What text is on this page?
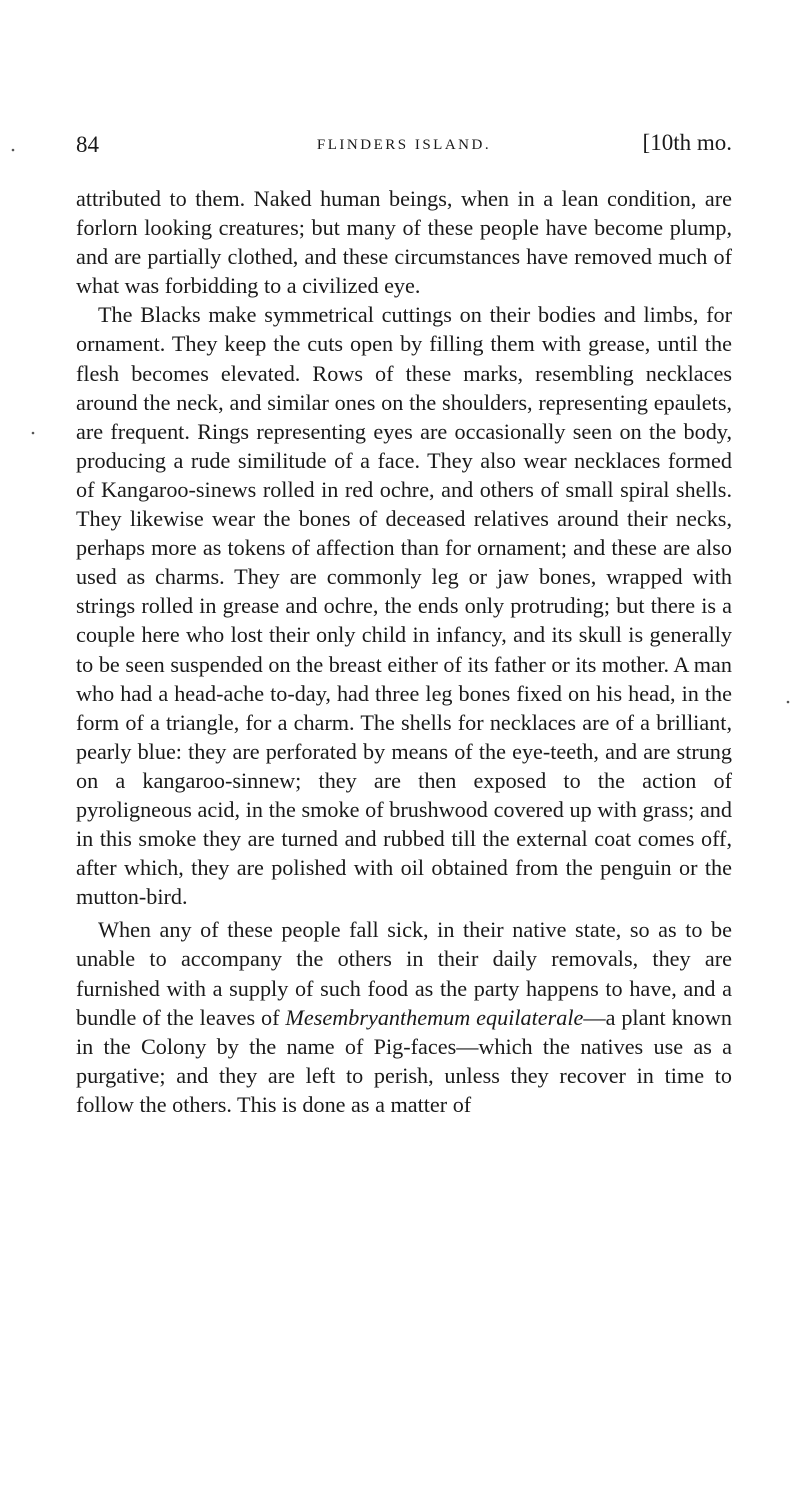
84	FLINDERS ISLAND.	[10th mo.

attributed to them. Naked human beings, when in a lean condition, are forlorn looking creatures; but many of these people have become plump, and are partially clothed, and these circumstances have removed much of what was forbidding to a civilized eye.

The Blacks make symmetrical cuttings on their bodies and limbs, for ornament. They keep the cuts open by filling them with grease, until the flesh becomes elevated. Rows of these marks, resembling necklaces around the neck, and similar ones on the shoulders, representing epaulets, are frequent. Rings representing eyes are occasionally seen on the body, producing a rude similitude of a face. They also wear necklaces formed of Kangaroo-sinews rolled in red ochre, and others of small spiral shells. They likewise wear the bones of deceased relatives around their necks, perhaps more as tokens of affection than for ornament; and these are also used as charms. They are commonly leg or jaw bones, wrapped with strings rolled in grease and ochre, the ends only protruding; but there is a couple here who lost their only child in infancy, and its skull is generally to be seen suspended on the breast either of its father or its mother. A man who had a head-ache to-day, had three leg bones fixed on his head, in the form of a triangle, for a charm. The shells for necklaces are of a brilliant, pearly blue: they are perforated by means of the eye-teeth, and are strung on a kangaroo-sinnew; they are then exposed to the action of pyroligneous acid, in the smoke of brushwood covered up with grass; and in this smoke they are turned and rubbed till the external coat comes off, after which, they are polished with oil obtained from the penguin or the mutton-bird.

When any of these people fall sick, in their native state, so as to be unable to accompany the others in their daily removals, they are furnished with a supply of such food as the party happens to have, and a bundle of the leaves of Mesembryanthemum equilaterale—a plant known in the Colony by the name of Pig-faces—which the natives use as a purgative; and they are left to perish, unless they recover in time to follow the others. This is done as a matter of
